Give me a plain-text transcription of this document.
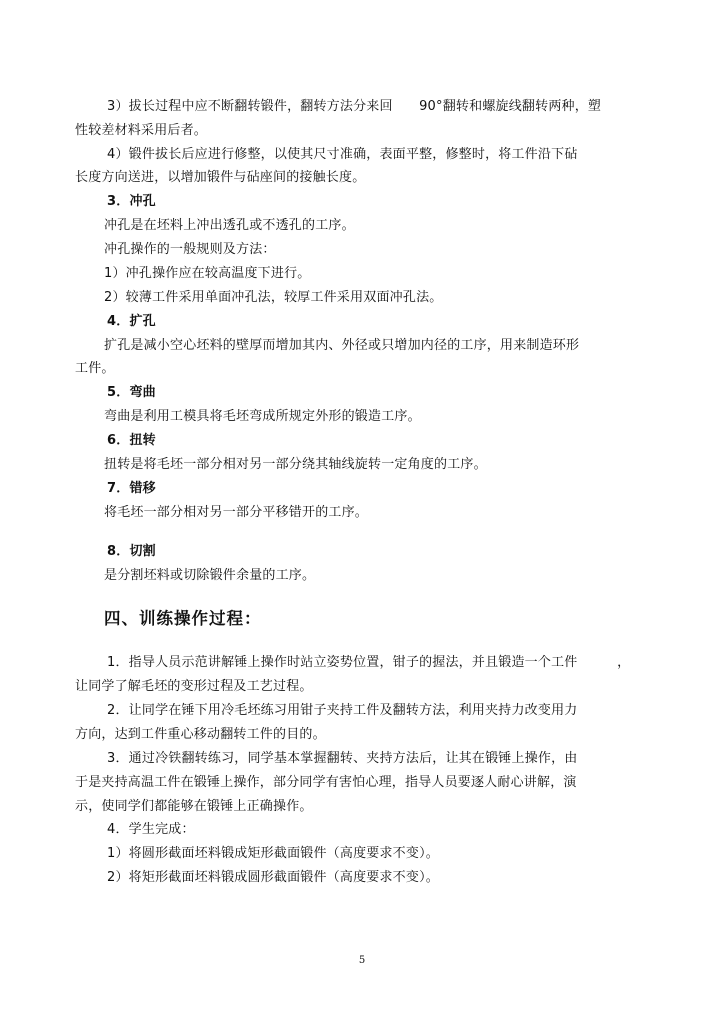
3）拔长过程中应不断翻转锻件，翻转方法分来回　　90°翻转和螺旋线翻转两种，塑
性较差材料采用后者。
4）锻件拔长后应进行修整，以使其尺寸准确，表面平整，修整时，将工件沿下砧
长度方向送进，以增加锻件与砧座间的接触长度。
3．冲孔
冲孔是在坯料上冲出透孔或不透孔的工序。
冲孔操作的一般规则及方法：
1）冲孔操作应在较高温度下进行。
2）较薄工件采用单面冲孔法，较厚工件采用双面冲孔法。
4．扩孔
扩孔是减小空心坯料的壁厚而增加其内、外径或只增加内径的工序，用来制造环形
工件。
5．弯曲
弯曲是利用工模具将毛坯弯成所规定外形的锻造工序。
6．扭转
扭转是将毛坯一部分相对另一部分绕其轴线旋转一定角度的工序。
7．错移
将毛坯一部分相对另一部分平移错开的工序。
8．切割
是分割坯料或切除锻件余量的工序。
四、训练操作过程：
1．指导人员示范讲解锤上操作时站立姿势位置，钳子的握法，并且锻造一个工件　　　，
让同学了解毛坯的变形过程及工艺过程。
2．让同学在锤下用冷毛坯练习用钳子夹持工件及翻转方法，利用夹持力改变用力
方向，达到工件重心移动翻转工件的目的。
3．通过冷铁翻转练习，同学基本掌握翻转、夹持方法后，让其在锻锤上操作，由
于是夹持高温工件在锻锤上操作，部分同学有害怕心理，指导人员要逐人耐心讲解，演
示，使同学们都能够在锻锤上正确操作。
4．学生完成：
1）将圆形截面坯料锻成矩形截面锻件（高度要求不变）。
2）将矩形截面坯料锻成圆形截面锻件（高度要求不变）。
5
